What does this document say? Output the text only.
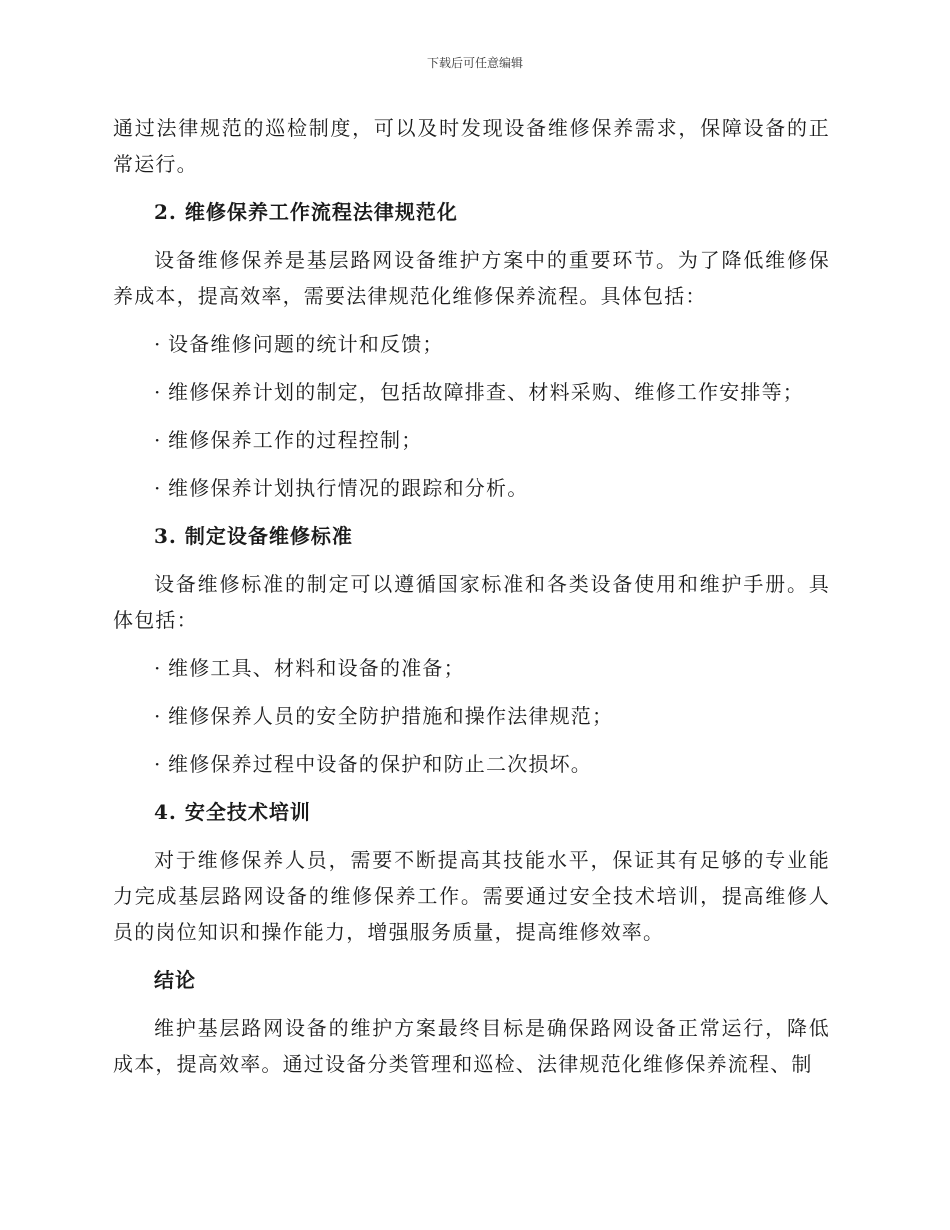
下载后可任意编辑

通过法律规范的巡检制度，可以及时发现设备维修保养需求，保障设备的正常运行。

2. 维修保养工作流程法律规范化

设备维修保养是基层路网设备维护方案中的重要环节。为了降低维修保养成本，提高效率，需要法律规范化维修保养流程。具体包括：

· 设备维修问题的统计和反馈；
· 维修保养计划的制定，包括故障排查、材料采购、维修工作安排等；
· 维修保养工作的过程控制；
· 维修保养计划执行情况的跟踪和分析。
3. 制定设备维修标准

设备维修标准的制定可以遵循国家标准和各类设备使用和维护手册。具体包括：

· 维修工具、材料和设备的准备；
· 维修保养人员的安全防护措施和操作法律规范；
· 维修保养过程中设备的保护和防止二次损坏。
4. 安全技术培训

对于维修保养人员，需要不断提高其技能水平，保证其有足够的专业能力完成基层路网设备的维修保养工作。需要通过安全技术培训，提高维修人员的岗位知识和操作能力，增强服务质量，提高维修效率。

结论

维护基层路网设备的维护方案最终目标是确保路网设备正常运行，降低成本，提高效率。通过设备分类管理和巡检、法律规范化维修保养流程、制
